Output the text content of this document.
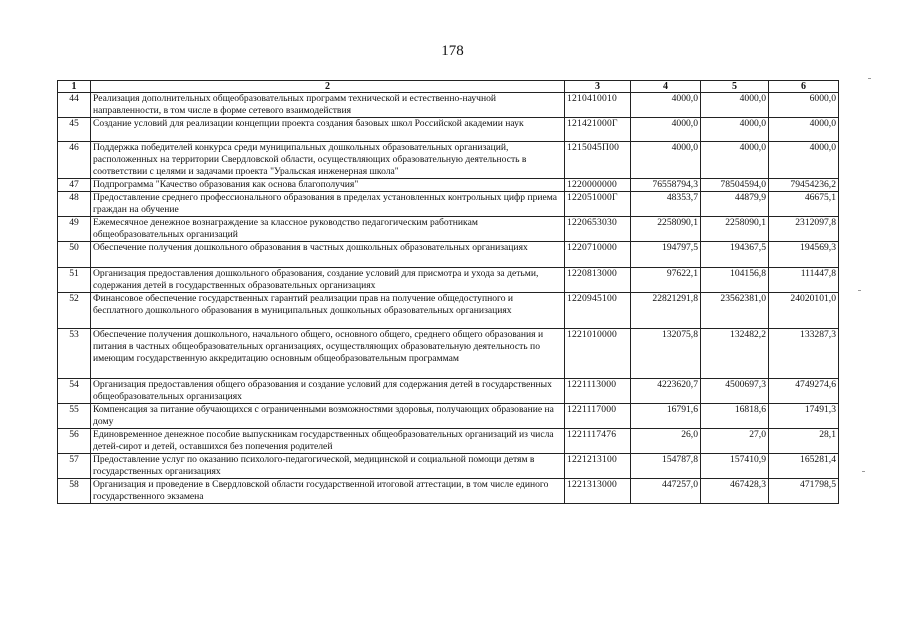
178
1	2	3	4	5	6
44	Реализация дополнительных общеобразовательных программ технической и естественно-научной направленности, в том числе в форме сетевого взаимодействия	1210410010	4000,0	4000,0	6000,0
45	Создание условий для реализации концепции проекта создания базовых школ Российской академии наук	121421000Г	4000,0	4000,0	4000,0
46	Поддержка победителей конкурса среди муниципальных дошкольных образовательных организаций, расположенных на территории Свердловской области, осуществляющих образовательную деятельность в соответствии с целями и задачами проекта "Уральская инженерная школа"	1215045П00	4000,0	4000,0	4000,0
47	Подпрограмма "Качество образования как основа благополучия"	1220000000	76558794,3	78504594,0	79454236,2
48	Предоставление среднего профессионального образования в пределах установленных контрольных цифр приема граждан на обучение	122051000Г	48353,7	44879,9	46675,1
49	Ежемесячное денежное вознаграждение за классное руководство педагогическим работникам общеобразовательных организаций	1220653030	2258090,1	2258090,1	2312097,8
50	Обеспечение получения дошкольного образования в частных дошкольных образовательных организациях	1220710000	194797,5	194367,5	194569,3
51	Организация предоставления дошкольного образования, создание условий для присмотра и ухода за детьми, содержания детей в государственных образовательных организациях	1220813000	97622,1	104156,8	111447,8
52	Финансовое обеспечение государственных гарантий реализации прав на получение общедоступного и бесплатного дошкольного образования в муниципальных дошкольных образовательных организациях	1220945100	22821291,8	23562381,0	24020101,0
53	Обеспечение получения дошкольного, начального общего, основного общего, среднего общего образования и питания в частных общеобразовательных организациях, осуществляющих образовательную деятельность по имеющим государственную аккредитацию основным общеобразовательным программам	1221010000	132075,8	132482,2	133287,3
54	Организация предоставления общего образования и создание условий для содержания детей в государственных общеобразовательных организациях	1221113000	4223620,7	4500697,3	4749274,6
55	Компенсация за питание обучающихся с ограниченными возможностями здоровья, получающих образование на дому	1221117000	16791,6	16818,6	17491,3
56	Единовременное денежное пособие выпускникам государственных общеобразовательных организаций из числа детей-сирот и детей, оставшихся без попечения родителей	1221117476	26,0	27,0	28,1
57	Предоставление услуг по оказанию психолого-педагогической, медицинской и социальной помощи детям в государственных организациях	1221213100	154787,8	157410,9	165281,4
58	Организация и проведение в Свердловской области государственной итоговой аттестации, в том числе единого государственного экзамена	1221313000	447257,0	467428,3	471798,5
